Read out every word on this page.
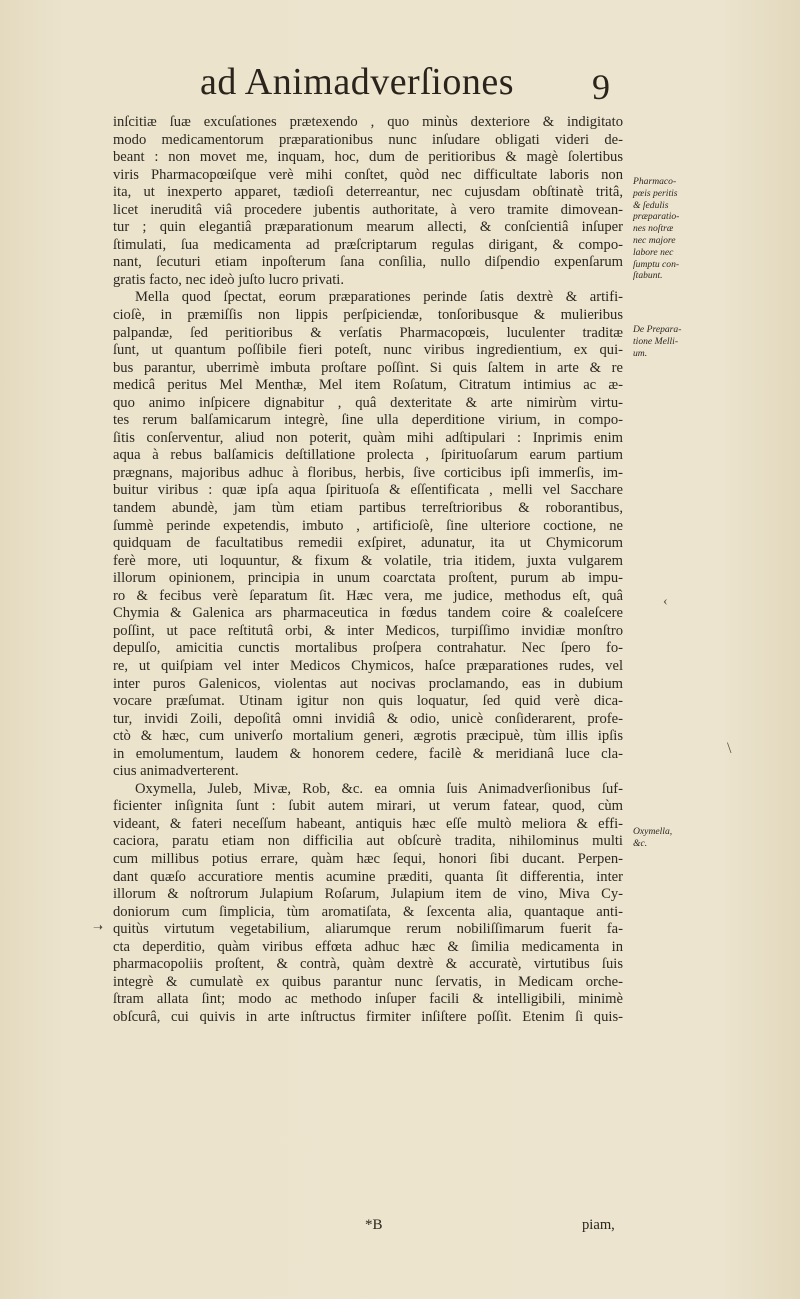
ad Animadverſiones 9
inſcitiæ ſuæ excuſationes prætexendo , quo minùs dexteriore & indigitato
modo medicamentorum præparationibus nunc inſudare obligati videri de-
beant : non movet me, inquam, hoc, dum de peritioribus & magè ſolertibus
viris Pharmacopœiſque verè mihi conſtet, quòd nec difficultate laboris non
ita, ut inexperto apparet, tædioſi deterreantur, nec cujusdam obſtinatè tritâ,
licet ineruditâ viâ procedere jubentis authoritate, à vero tramite dimovean-
tur ; quin elegantiâ præparationum mearum allecti, & conſcientiâ inſuper
ſtimulati, ſua medicamenta ad præſcriptarum regulas dirigant, & compo-
nant, ſecuturi etiam inpoſterum ſana conſilia, nullo diſpendio expenſarum
gratis facto, nec ideò juſto lucro privati.
Mella quod ſpectat, eorum præparationes perinde ſatis dextrè & artifi-
cioſè, in præmiſſis non lippis perſpiciendæ, tonſoribusque & mulieribus
palpandæ, ſed peritioribus & verſatis Pharmacopœis, luculenter traditæ
ſunt, ut quantum poſſibile fieri poteſt, nunc viribus ingredientium, ex qui-
bus parantur, uberrimè imbuta proſtare poſſint. Si quis ſaltem in arte & re
medicâ peritus Mel Menthæ, Mel item Roſatum, Citratum intimius ac æ-
quo animo inſpicere dignabitur , quâ dexteritate & arte nimirùm virtu-
tes rerum balſamicarum integrè, ſine ulla deperditione virium, in compo-
ſitis conſerventur, aliud non poterit, quàm mihi adſtipulari : Inprimis enim
aqua à rebus balſamicis deſtillatione prolecta , ſpirituoſarum earum partium
prægnans, majoribus adhuc à floribus, herbis, ſive corticibus ipſi immerſis, im-
buitur viribus : quæ ipſa aqua ſpirituoſa & eſſentificata , melli vel Sacchare
tandem abundè, jam tùm etiam partibus terreſtrioribus & roborantibus,
ſummè perinde expetendis, imbuto , artificioſè, ſine ulteriore coctione, ne
quidquam de facultatibus remedii exſpiret, adunatur, ita ut Chymicorum
ferè more, uti loquuntur, & fixum & volatile, tria itidem, juxta vulgarem
illorum opinionem, principia in unum coarctata proſtent, purum ab impu-
ro & fecibus verè ſeparatum ſit. Hæc vera, me judice, methodus eſt, quâ
Chymia & Galenica ars pharmaceutica in fœdus tandem coire & coaleſcere
poſſint, ut pace reſtitutâ orbi, & inter Medicos, turpiſſimo invidiæ monſtro
depulſo, amicitia cunctis mortalibus proſpera contrahatur. Nec ſpero fo-
re, ut quiſpiam vel inter Medicos Chymicos, haſce præparationes rudes, vel
inter puros Galenicos, violentas aut nocivas proclamando, eas in dubium
vocare præſumat. Utinam igitur non quis loquatur, ſed quid verè dica-
tur, invidi Zoili, depoſitâ omni invidiâ & odio, unicè conſiderarent, profe-
ctò & hæc, cum univerſo mortalium generi, ægrotis præcipuè, tùm illis ipſis
in emolumentum, laudem & honorem cedere, facilè & meridianâ luce cla-
cius animadverterent.
Oxymella, Juleb, Mivæ, Rob, &c. ea omnia ſuis Animadverſionibus ſuf-
ficienter inſignita ſunt : ſubit autem mirari, ut verum fatear, quod, cùm
videant, & fateri neceſſum habeant, antiquis hæc eſſe multò meliora & effi-
caciora, paratu etiam non difficilia aut obſcurè tradita, nihilominus multi
cum millibus potius errare, quàm hæc ſequi, honori ſibi ducant. Perpen-
dant quæſo accuratiore mentis acumine præditi, quanta ſit differentia, inter
illorum & noſtrorum Julapium Roſarum, Julapium item de vino, Miva Cy-
doniorum cum ſimplicia, tùm aromatiſata, & ſexcenta alia, quantaque anti-
quitùs virtutum vegetabilium, aliarumque rerum nobiliſſimarum fuerit fa-
cta deperditio, quàm viribus effœta adhuc hæc & ſimilia medicamenta in
pharmacopoliis proſtent, & contrà, quàm dextrè & accuratè, virtutibus ſuis
integrè & cumulatè ex quibus parantur nunc ſervatis, in Medicam orche-
ſtram allata ſint; modo ac methodo inſuper facili & intelligibili, minimè
obſcurâ, cui quivis in arte inſtructus firmiter inſiſtere poſſit. Etenim ſi quis-
Pharmaco-
pœis peritis
& ſedulis
præparatio-
nes noſtræ
nec majore
labore nec
ſumptu con-
ſtabunt.
De Prepara-
tione Melli-
um.
Oxymella,
&c.
*B	piam,
➝
‹
\
